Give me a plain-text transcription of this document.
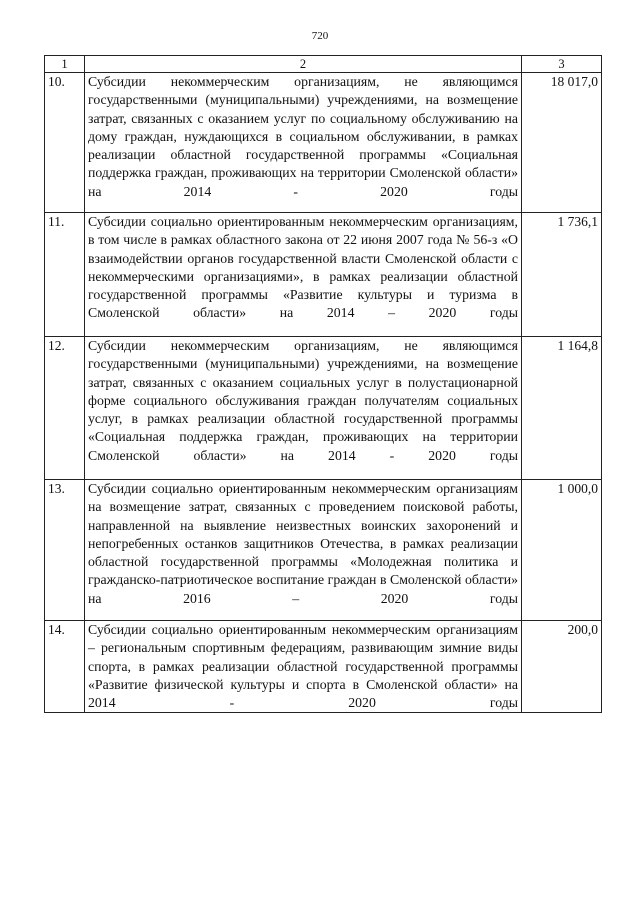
720
1	2	3
10.	Субсидии некоммерческим организациям, не являющимся государственными (муниципальными) учреждениями, на возмещение затрат, связанных с оказанием услуг по социальному обслуживанию на дому граждан, нуждающихся в социальном обслуживании, в рамках реализации областной государственной программы «Социальная поддержка граждан, проживающих на территории Смоленской области» на 2014 - 2020 годы	18 017,0
11.	Субсидии социально ориентированным некоммерческим организациям, в том числе в рамках областного закона от 22 июня 2007 года № 56-з «О взаимодействии органов государственной власти Смоленской области с некоммерческими организациями», в рамках реализации областной государственной программы «Развитие культуры и туризма в Смоленской области» на 2014 – 2020 годы	1 736,1
12.	Субсидии некоммерческим организациям, не являющимся государственными (муниципальными) учреждениями, на возмещение затрат, связанных с оказанием социальных услуг в полустационарной форме социального обслуживания граждан получателям социальных услуг, в рамках реализации областной государственной программы «Социальная поддержка граждан, проживающих на территории Смоленской области» на 2014 - 2020 годы	1 164,8
13.	Субсидии социально ориентированным некоммерческим организациям на возмещение затрат, связанных с проведением поисковой работы, направленной на выявление неизвестных воинских захоронений и непогребенных останков защитников Отечества, в рамках реализации областной государственной программы «Молодежная политика и гражданско-патриотическое воспитание граждан в Смоленской области» на 2016 – 2020 годы	1 000,0
14.	Субсидии социально ориентированным некоммерческим организациям – региональным спортивным федерациям, развивающим зимние виды спорта, в рамках реализации областной государственной программы «Развитие физической культуры и спорта в Смоленской области» на 2014 - 2020 годы	200,0
